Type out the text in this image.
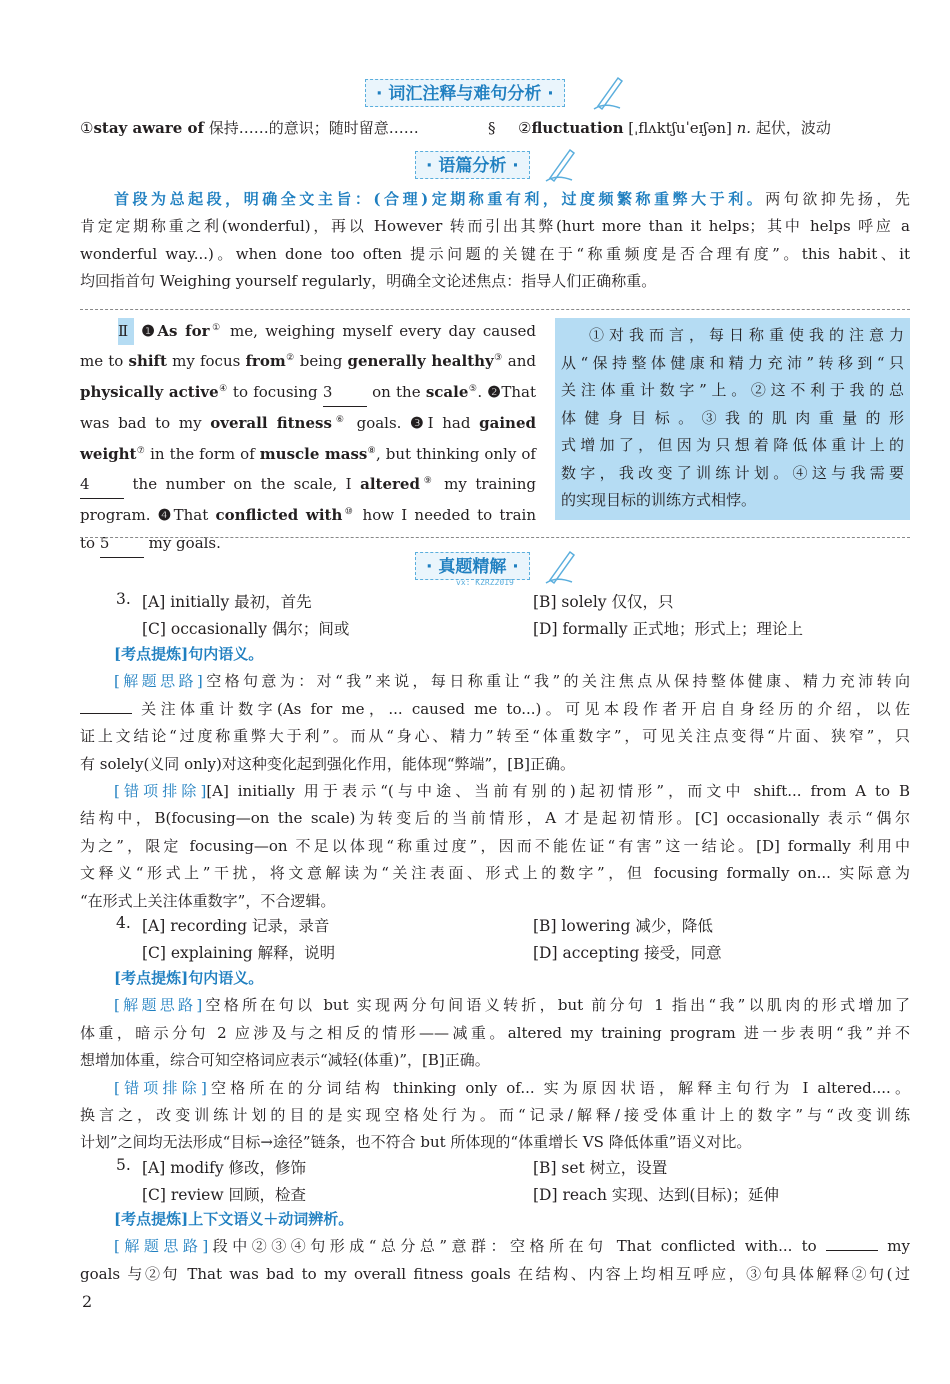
· 词汇注释与难句分析 ·
①stay aware of 保持……的意识；随时留意……	§ ②fluctuation [ˌflʌktʃuˈeɪʃən] n. 起伏，波动
· 语篇分析 ·
首段为总起段，明确全文主旨：(合理)定期称重有利，过度频繁称重弊大于利。两句欲抑先扬，先
肯定定期称重之利(wonderful)，再以 However 转而引出其弊(hurt more than it helps；其中 helps 呼应 a
wonderful way...)。when done too often 提示问题的关键在于“称重频度是否合理有度”。this habit、it
均回指首句 Weighing yourself regularly，明确全文论述焦点：指导人们正确称重。
Ⅱ ❶As for① me, weighing myself every day caused
me to shift my focus from② being generally healthy③ and
physically active④ to focusing 3 on the scale⑤. ❷That
was bad to my overall fitness⑥ goals. ❸I had gained
weight⑦ in the form of muscle mass⑧, but thinking only of
4 the number on the scale, I altered⑨ my training
program. ❹That conflicted with⑩ how I needed to train
to 5 my goals.
①对我而言，每日称重使我的注意力
从“保持整体健康和精力充沛”转移到“只
关注体重计数字”上。②这不利于我的总
体健身目标。③我的肌肉重量的形
式增加了，但因为只想着降低体重计上的
数字，我改变了训练计划。④这与我需要
的实现目标的训练方式相悖。
· 真题精解 ·
vx: KZRZ2019
3. [A] initially 最初，首先	[B] solely 仅仅，只
[C] occasionally 偶尔；间或	[D] formally 正式地；形式上；理论上
[考点提炼]句内语义。
[解题思路]空格句意为：对“我”来说，每日称重让“我”的关注焦点从保持整体健康、精力充沛转向
关注体重计数字(As for me，... caused me to...)。可见本段作者开启自身经历的介绍，以佐
证上文结论“过度称重弊大于利”。而从“身心、精力”转至“体重数字”，可见关注点变得“片面、狭窄”，只
有 solely(义同 only)对这种变化起到强化作用，能体现“弊端”，[B]正确。
[错项排除][A] initially 用于表示“(与中途、当前有别的)起初情形”，而文中 shift... from A to B
结构中，B(focusing—on the scale)为转变后的当前情形，A 才是起初情形。[C] occasionally 表示“偶尔
为之”，限定 focusing—on 不足以体现“称重过度”，因而不能佐证“有害”这一结论。[D] formally 利用中
文释义“形式上”干扰，将文意解读为“关注表面、形式上的数字”，但 focusing formally on... 实际意为
“在形式上关注体重数字”，不合逻辑。
4. [A] recording 记录，录音	[B] lowering 减少，降低
[C] explaining 解释，说明	[D] accepting 接受，同意
[考点提炼]句内语义。
[解题思路]空格所在句以 but 实现两分句间语义转折，but 前分句 1 指出“我”以肌肉的形式增加了
体重，暗示分句 2 应涉及与之相反的情形——减重。altered my training program 进一步表明“我”并不
想增加体重，综合可知空格词应表示“减轻(体重)”，[B]正确。
[错项排除]空格所在的分词结构 thinking only of... 实为原因状语，解释主句行为 I altered....。
换言之，改变训练计划的目的是实现空格处行为。而“记录/解释/接受体重计上的数字”与“改变训练
计划”之间均无法形成“目标→途径”链条，也不符合 but 所体现的“体重增长 VS 降低体重”语义对比。
5. [A] modify 修改，修饰	[B] set 树立，设置
[C] review 回顾，检查	[D] reach 实现、达到(目标)；延伸
[考点提炼]上下文语义＋动词辨析。
[解题思路]段中②③④句形成“总分总”意群：空格所在句 That conflicted with... to	my
goals 与②句 That was bad to my overall fitness goals 在结构、内容上均相互呼应，③句具体解释②句(过
2
